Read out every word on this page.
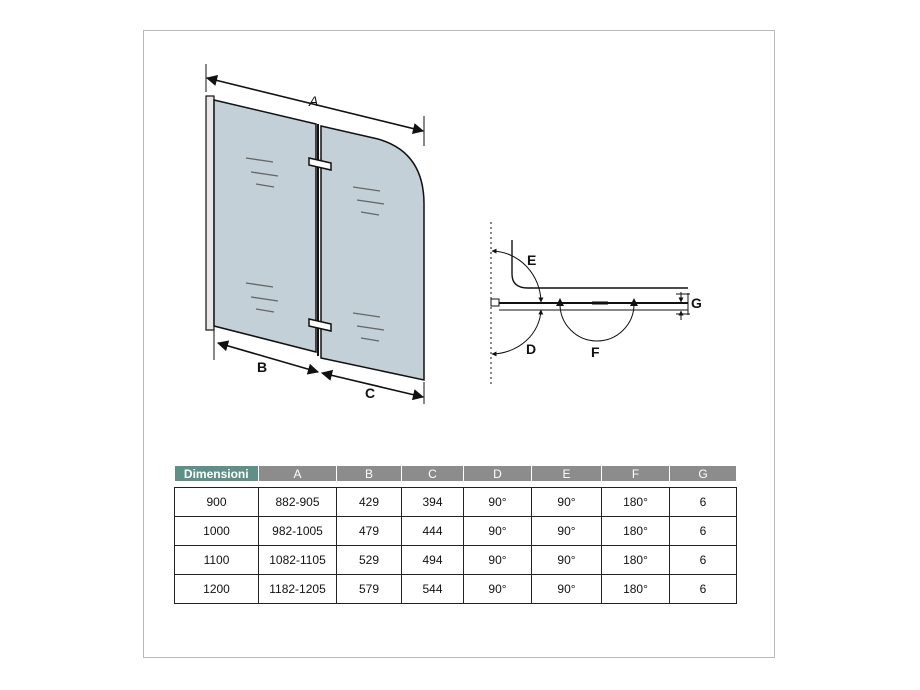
A
B
C
E
D	F
G
Dimensioni	A	B	C	D	E	F	G

900	882-905	429	394	90°	90°	180°	6
1000	982-1005	479	444	90°	90°	180°	6
1100	1082-1105	529	494	90°	90°	180°	6
1200	1182-1205	579	544	90°	90°	180°	6
